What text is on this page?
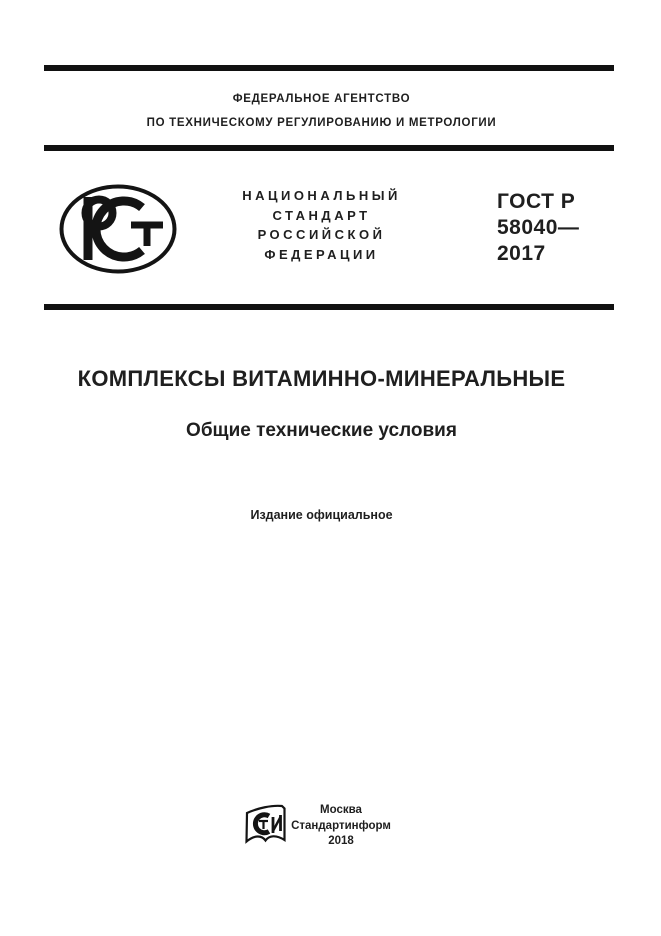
ФЕДЕРАЛЬНОЕ АГЕНТСТВО
ПО ТЕХНИЧЕСКОМУ РЕГУЛИРОВАНИЮ И МЕТРОЛОГИИ
НАЦИОНАЛЬНЫЙ
СТАНДАРТ
РОССИЙСКОЙ
ФЕДЕРАЦИИ
ГОСТ Р
58040—
2017
КОМПЛЕКСЫ ВИТАМИННО-МИНЕРАЛЬНЫЕ
Общие технические условия
Издание официальное
Москва
Стандартинформ
2018
